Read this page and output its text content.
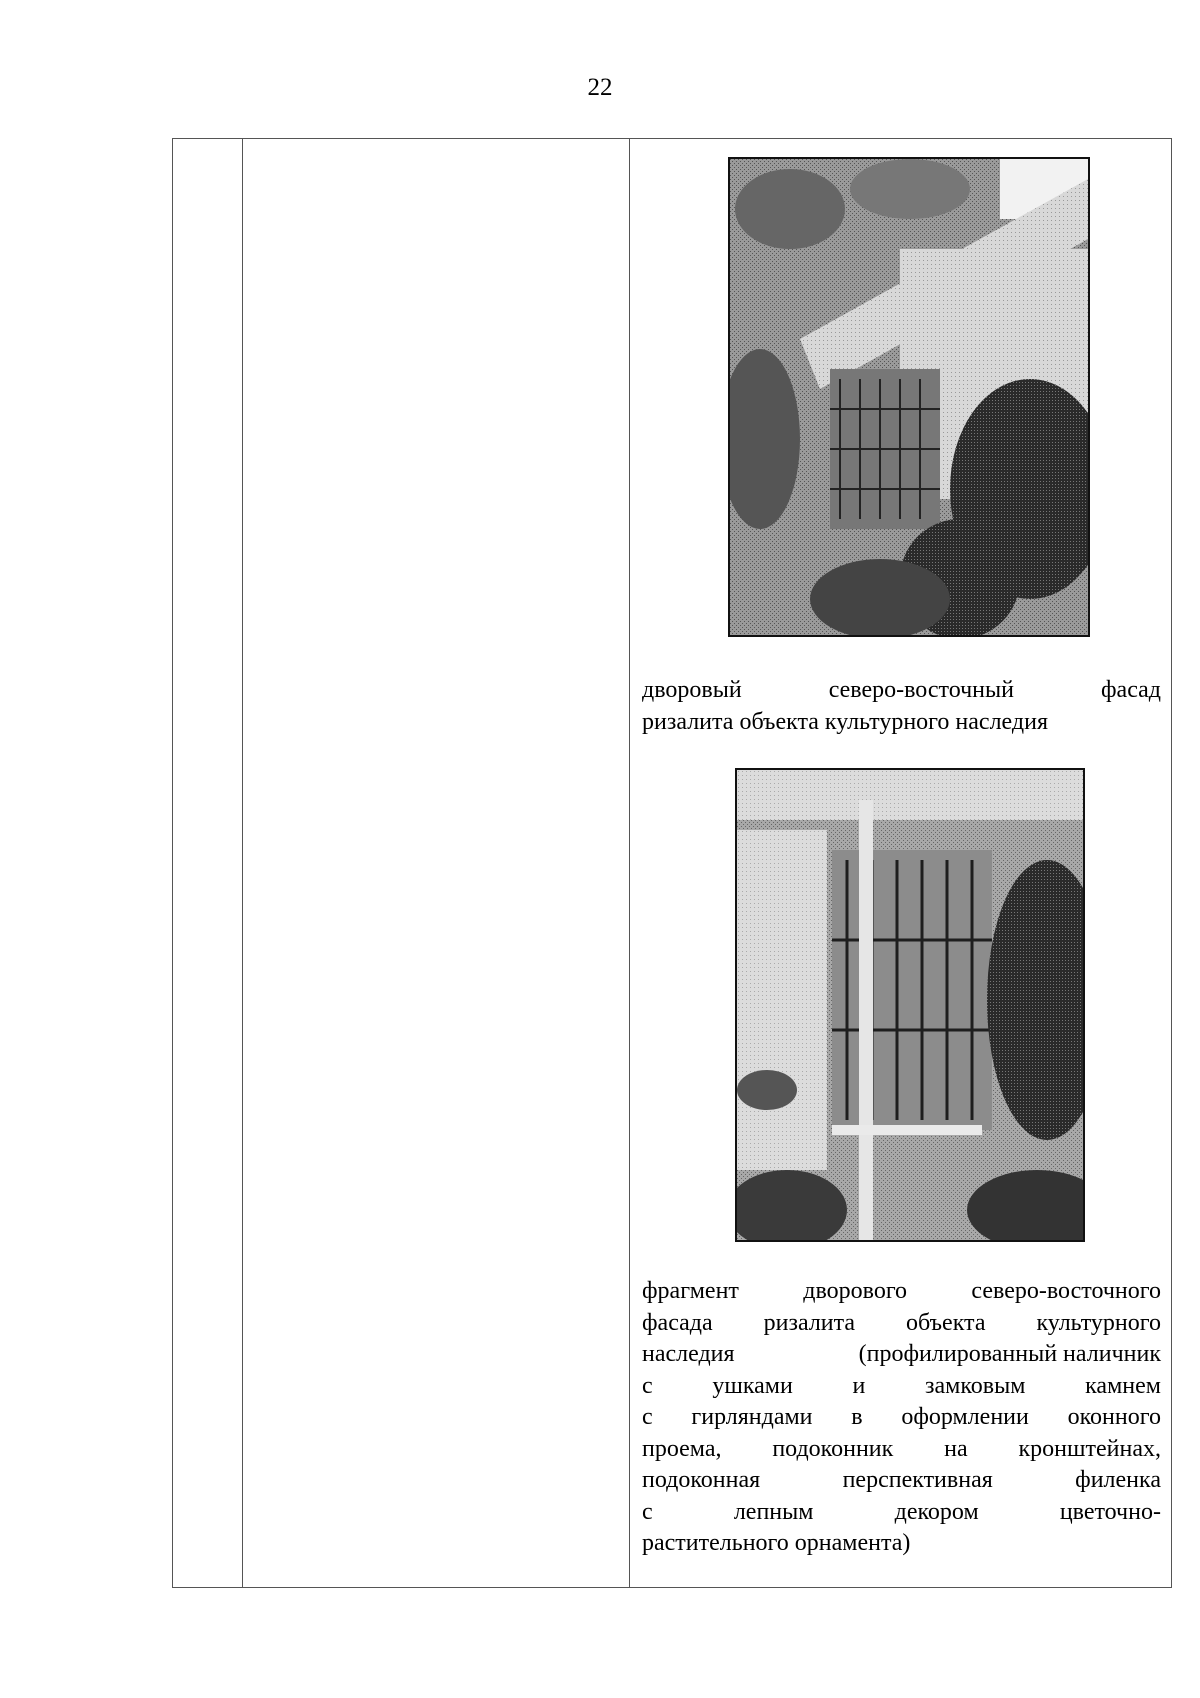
22

дворовый	северо-восточный	фасад
ризалита объекта культурного наследия

фрагмент	дворового	северо-восточного
фасада ризалита объекта культурного
наследия	(профилированный наличник
с ушками и замковым камнем
с гирляндами в оформлении оконного
проема, подоконник на кронштейнах,
подоконная	перспективная	филенка
с	лепным	декором	цветочно-
растительного орнамента)
